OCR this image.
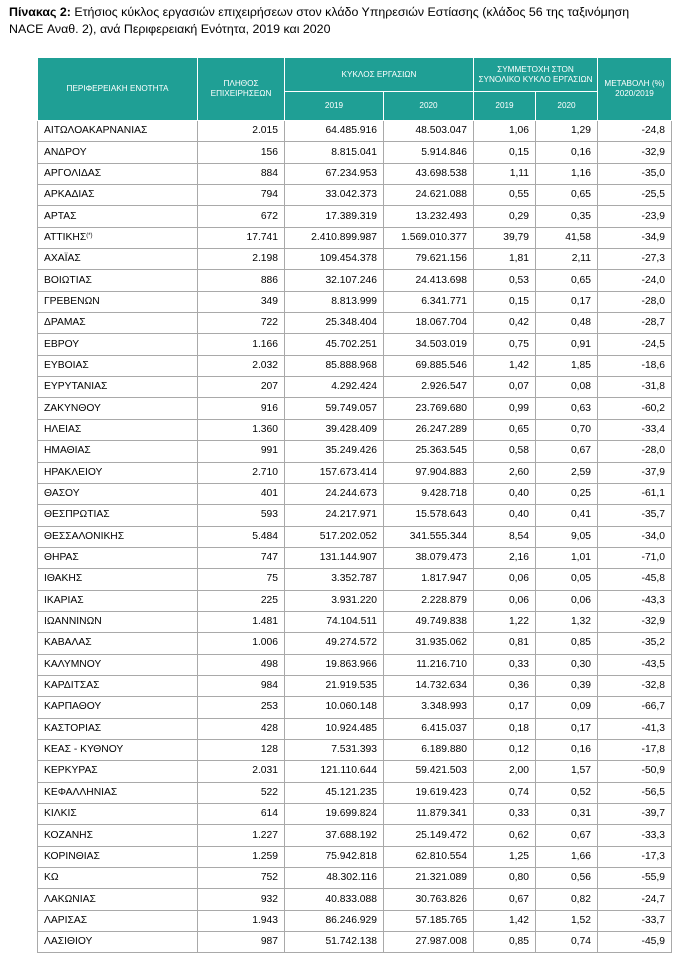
Πίνακας 2: Ετήσιος κύκλος εργασιών επιχειρήσεων στον κλάδο Υπηρεσιών Εστίασης (κλάδος 56 της ταξινόμηση
NACE Αναθ. 2), ανά Περιφερειακή Ενότητα, 2019 και 2020
ΠΕΡΙΦΕΡΕΙΑΚΗ ΕΝΟΤΗΤΑ	ΠΛΗΘΟΣ ΕΠΙΧΕΙΡΗΣΕΩΝ	ΚΥΚΛΟΣ ΕΡΓΑΣΙΩΝ		ΣΥΜΜΕΤΟΧΗ ΣΤΟΝ ΣΥΝΟΛΙΚΟ ΚΥΚΛΟ ΕΡΓΑΣΙΩΝ		ΜΕΤΑΒΟΛΗ (%) 2020/2019
		2019	2020	2019	2020	
ΑΙΤΩΛΟΑΚΑΡΝΑΝΙΑΣ	2.015	64.485.916	48.503.047	1,06	1,29	-24,8
ΑΝΔΡΟΥ	156	8.815.041	5.914.846	0,15	0,16	-32,9
ΑΡΓΟΛΙΔΑΣ	884	67.234.953	43.698.538	1,11	1,16	-35,0
ΑΡΚΑΔΙΑΣ	794	33.042.373	24.621.088	0,55	0,65	-25,5
ΑΡΤΑΣ	672	17.389.319	13.232.493	0,29	0,35	-23,9
ΑΤΤΙΚΗΣ(*)	17.741	2.410.899.987	1.569.010.377	39,79	41,58	-34,9
ΑΧΑΪΑΣ	2.198	109.454.378	79.621.156	1,81	2,11	-27,3
ΒΟΙΩΤΙΑΣ	886	32.107.246	24.413.698	0,53	0,65	-24,0
ΓΡΕΒΕΝΩΝ	349	8.813.999	6.341.771	0,15	0,17	-28,0
ΔΡΑΜΑΣ	722	25.348.404	18.067.704	0,42	0,48	-28,7
ΕΒΡΟΥ	1.166	45.702.251	34.503.019	0,75	0,91	-24,5
ΕΥΒΟΙΑΣ	2.032	85.888.968	69.885.546	1,42	1,85	-18,6
ΕΥΡΥΤΑΝΙΑΣ	207	4.292.424	2.926.547	0,07	0,08	-31,8
ΖΑΚΥΝΘΟΥ	916	59.749.057	23.769.680	0,99	0,63	-60,2
ΗΛΕΙΑΣ	1.360	39.428.409	26.247.289	0,65	0,70	-33,4
ΗΜΑΘΙΑΣ	991	35.249.426	25.363.545	0,58	0,67	-28,0
ΗΡΑΚΛΕΙΟΥ	2.710	157.673.414	97.904.883	2,60	2,59	-37,9
ΘΑΣΟΥ	401	24.244.673	9.428.718	0,40	0,25	-61,1
ΘΕΣΠΡΩΤΙΑΣ	593	24.217.971	15.578.643	0,40	0,41	-35,7
ΘΕΣΣΑΛΟΝΙΚΗΣ	5.484	517.202.052	341.555.344	8,54	9,05	-34,0
ΘΗΡΑΣ	747	131.144.907	38.079.473	2,16	1,01	-71,0
ΙΘΑΚΗΣ	75	3.352.787	1.817.947	0,06	0,05	-45,8
ΙΚΑΡΙΑΣ	225	3.931.220	2.228.879	0,06	0,06	-43,3
ΙΩΑΝΝΙΝΩΝ	1.481	74.104.511	49.749.838	1,22	1,32	-32,9
ΚΑΒΑΛΑΣ	1.006	49.274.572	31.935.062	0,81	0,85	-35,2
ΚΑΛΥΜΝΟΥ	498	19.863.966	11.216.710	0,33	0,30	-43,5
ΚΑΡΔΙΤΣΑΣ	984	21.919.535	14.732.634	0,36	0,39	-32,8
ΚΑΡΠΑΘΟΥ	253	10.060.148	3.348.993	0,17	0,09	-66,7
ΚΑΣΤΟΡΙΑΣ	428	10.924.485	6.415.037	0,18	0,17	-41,3
ΚΕΑΣ - ΚΥΘΝΟΥ	128	7.531.393	6.189.880	0,12	0,16	-17,8
ΚΕΡΚΥΡΑΣ	2.031	121.110.644	59.421.503	2,00	1,57	-50,9
ΚΕΦΑΛΛΗΝΙΑΣ	522	45.121.235	19.619.423	0,74	0,52	-56,5
ΚΙΛΚΙΣ	614	19.699.824	11.879.341	0,33	0,31	-39,7
ΚΟΖΑΝΗΣ	1.227	37.688.192	25.149.472	0,62	0,67	-33,3
ΚΟΡΙΝΘΙΑΣ	1.259	75.942.818	62.810.554	1,25	1,66	-17,3
ΚΩ	752	48.302.116	21.321.089	0,80	0,56	-55,9
ΛΑΚΩΝΙΑΣ	932	40.833.088	30.763.826	0,67	0,82	-24,7
ΛΑΡΙΣΑΣ	1.943	86.246.929	57.185.765	1,42	1,52	-33,7
ΛΑΣΙΘΙΟΥ	987	51.742.138	27.987.008	0,85	0,74	-45,9
